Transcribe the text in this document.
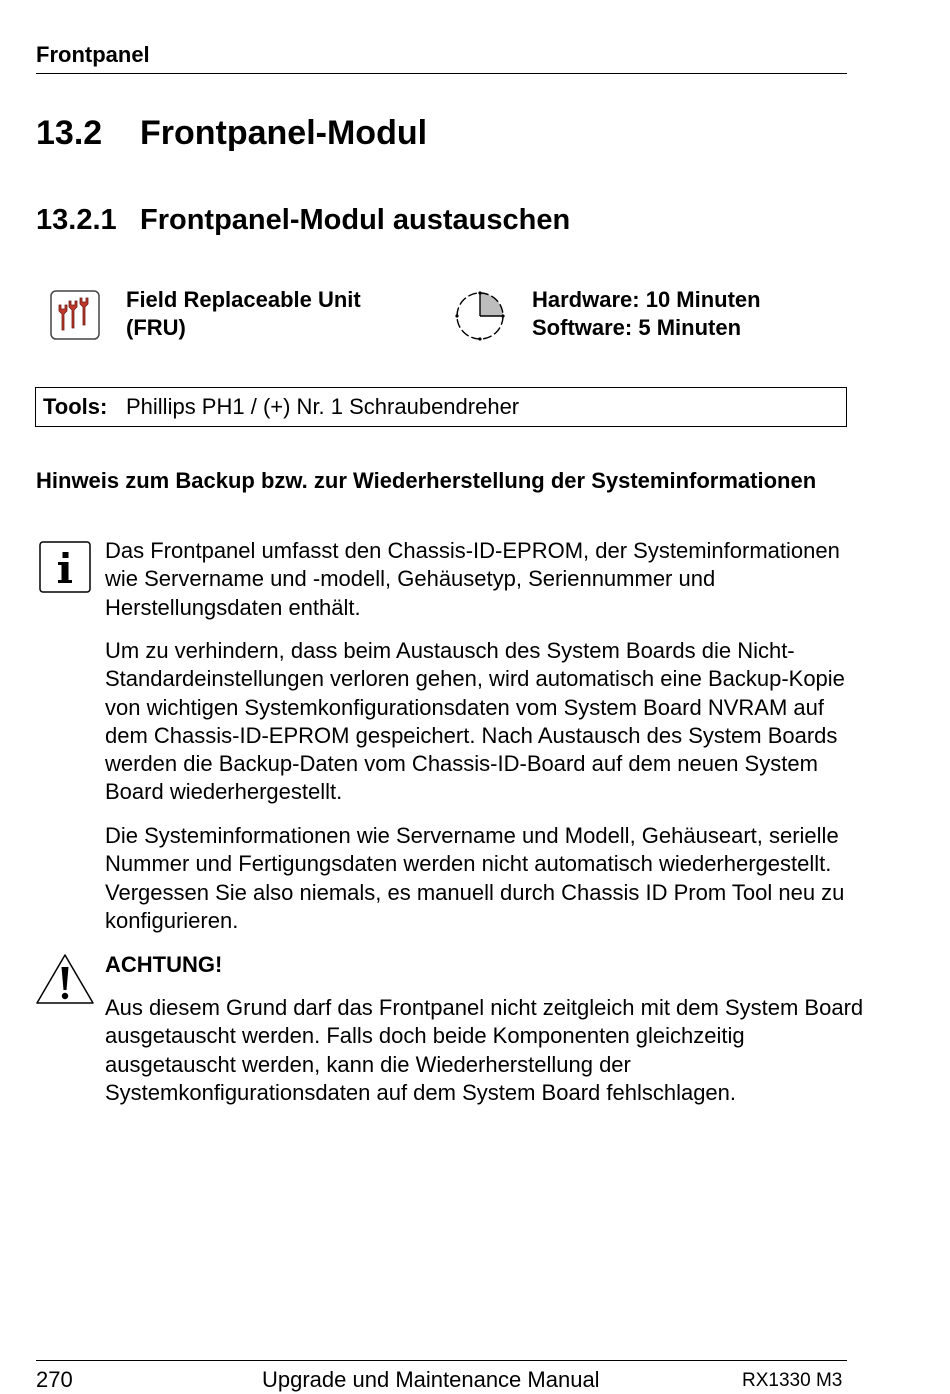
Frontpanel
13.2 Frontpanel-Modul
13.2.1 Frontpanel-Modul austauschen
Field Replaceable Unit
(FRU)
Hardware: 10 Minuten
Software: 5 Minuten
Tools: Phillips PH1 / (+) Nr. 1 Schraubendreher
Hinweis zum Backup bzw. zur Wiederherstellung der Systeminformationen
Das Frontpanel umfasst den Chassis-ID-EPROM, der Systeminformationen wie Servername und -modell, Gehäusetyp, Seriennummer und Herstellungsdaten enthält.
Um zu verhindern, dass beim Austausch des System Boards die Nicht-Standardeinstellungen verloren gehen, wird automatisch eine Backup-Kopie von wichtigen Systemkonfigurationsdaten vom System Board NVRAM auf dem Chassis-ID-EPROM gespeichert. Nach Austausch des System Boards werden die Backup-Daten vom Chassis-ID-Board auf dem neuen System Board wiederhergestellt.
Die Systeminformationen wie Servername und Modell, Gehäuseart, serielle Nummer und Fertigungsdaten werden nicht automatisch wiederhergestellt. Vergessen Sie also niemals, es manuell durch Chassis ID Prom Tool neu zu konfigurieren.
ACHTUNG!
Aus diesem Grund darf das Frontpanel nicht zeitgleich mit dem System Board ausgetauscht werden. Falls doch beide Komponenten gleichzeitig ausgetauscht werden, kann die Wiederherstellung der Systemkonfigurationsdaten auf dem System Board fehlschlagen.
270	Upgrade und Maintenance Manual	RX1330 M3
